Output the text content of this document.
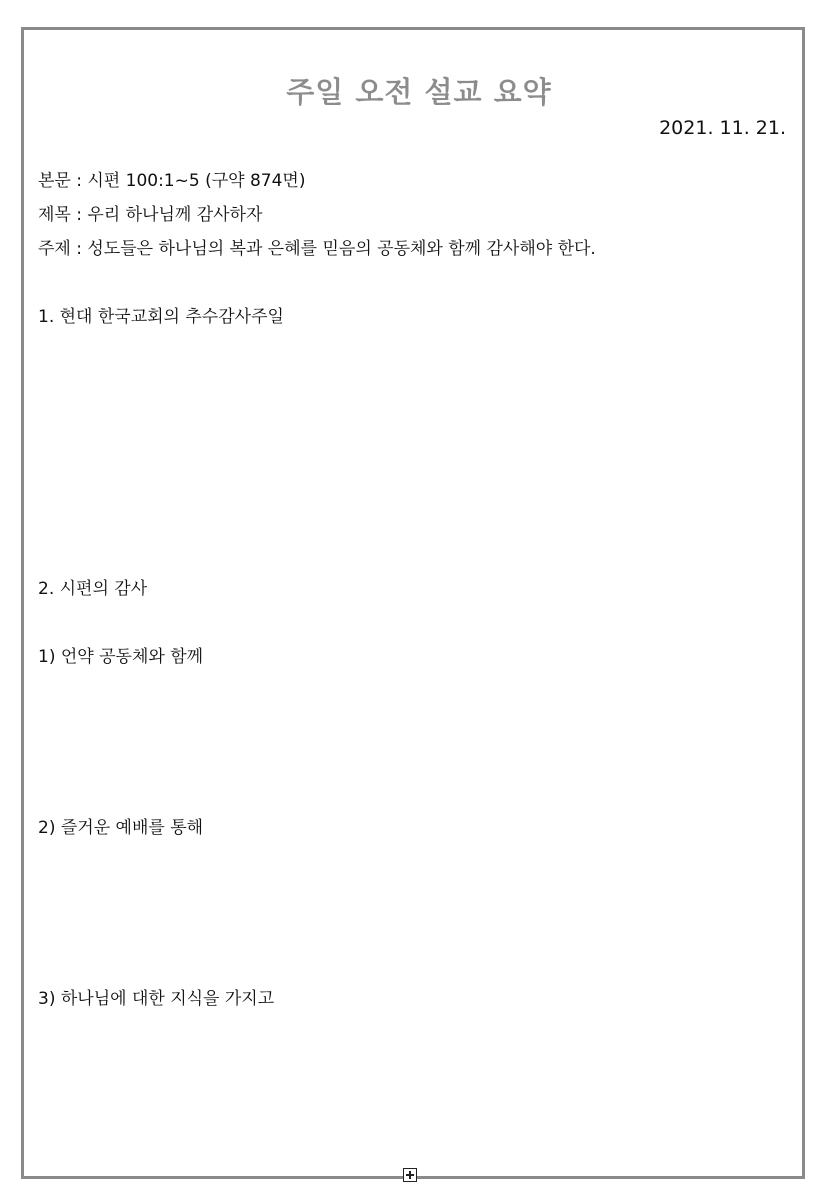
주일 오전 설교 요약
2021. 11. 21.
본문 : 시편 100:1~5 (구약 874면)
제목 : 우리 하나님께 감사하자
주제 : 성도들은 하나님의 복과 은혜를 믿음의 공동체와 함께 감사해야 한다.
1. 현대 한국교회의 추수감사주일
2. 시편의 감사
1) 언약 공동체와 함께
2) 즐거운 예배를 통해
3) 하나님에 대한 지식을 가지고
